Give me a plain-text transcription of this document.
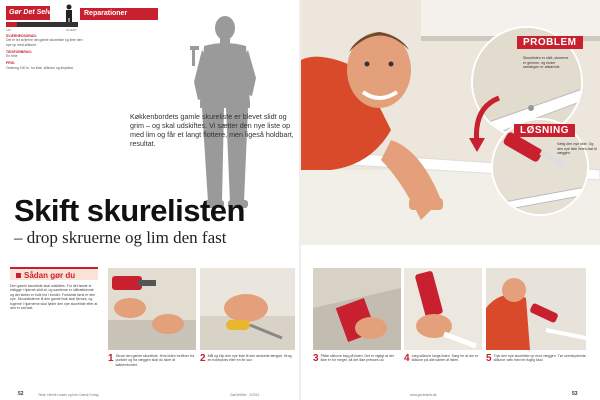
Gør Det Selv	Reparationer
LET	SVÆRT
SVÆRHEDSGRAD:
Det er let at fjerne det gamle skureliste og lime den nye op med silikone.
TIDSFORBRUG:
En time
PRIS:
Omkring 100 kr. for liste, silikone og limpistol.

Køkkenbordets gamle skureliste er blevet slidt og grim – og skal udskiftes. Vi sætter den nye liste op med lim og får et langt flottere, men ligeså holdbart, resultat.

Skift skurelisten
– drop skruerne og lim den fast
PROBLEM

Skurelisten er slidt, skruerne er grimme, og ender samlingen er afslørede.

LØSNING

Vælg den nye liste. Og den nye liste limes fast til væggen.

Sådan gør du

Den gamle skureliste skal udskiftes. For det første er elsligge i hjørnet slidt af, og samlerne er utiltrækkende og det skiber er folie ind i bordet. Forsamle først er den nye. Skrueslisterne til den gamle liste skal fjernes, og fugerne i hjørnerne skal fylder den nye skureliste efter at den er sat fast.

1 Skrue den gamle skureliste. Hvis listen forbliver fra punkter og fra væggen skal du sikre at køkkenbordet.
2 Mål og klip den nye liste til den ønskede længde. Brug en hobbykniv eller en fin sav.	3 Påfør silikone bag på listen. Det er vigtigt at der ikke er for meget, så det ikke presses ud.	4 Læg silikone langs listen. Sørg for at der er silikone på alle kanter af listen.	5 Tryk den nye skureliste op mod væggen. Tør overskydende silikone væk med en fugtig klud.
Tekst: Henrik Larsen og foto: Dansk Forlag	GørDetSelv · 2/2013	www.gordetselv.dk
52	53
